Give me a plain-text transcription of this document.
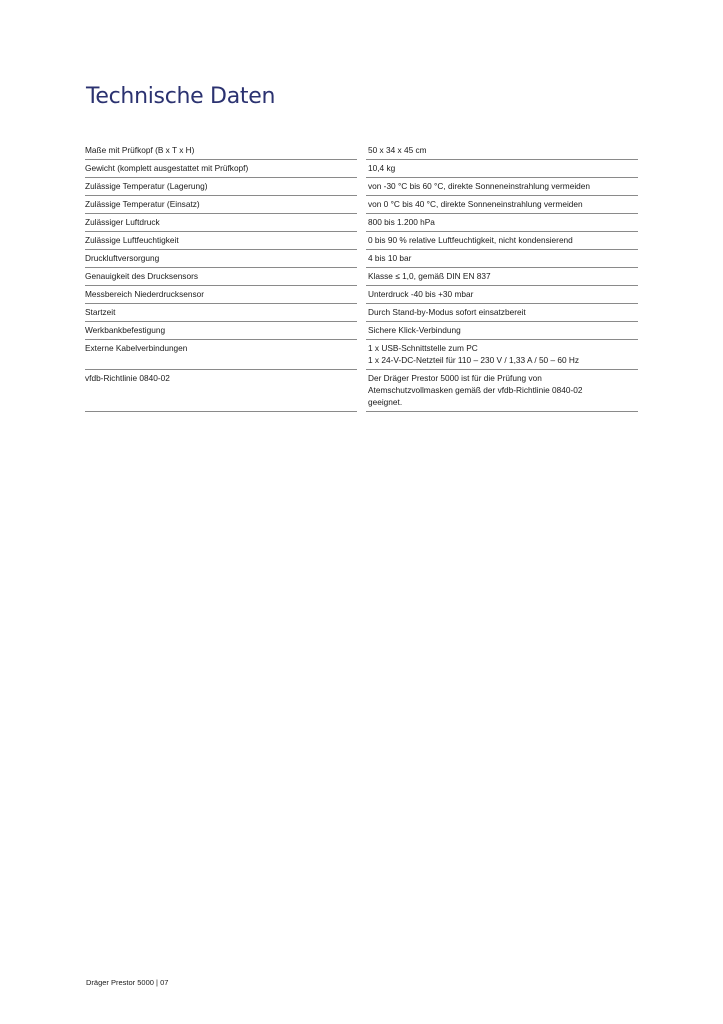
Technische Daten
Maße mit Prüfkopf (B x T x H)	50 x 34 x 45 cm
Gewicht (komplett ausgestattet mit Prüfkopf)	10,4 kg
Zulässige Temperatur (Lagerung)	von -30 °C bis 60 °C, direkte Sonneneinstrahlung vermeiden
Zulässige Temperatur (Einsatz)	von 0 °C bis 40 °C, direkte Sonneneinstrahlung vermeiden
Zulässiger Luftdruck	800 bis 1.200 hPa
Zulässige Luftfeuchtigkeit	0 bis 90 % relative Luftfeuchtigkeit, nicht kondensierend
Druckluftversorgung	4 bis 10 bar
Genauigkeit des Drucksensors	Klasse ≤ 1,0, gemäß DIN EN 837
Messbereich Niederdrucksensor	Unterdruck -40 bis +30 mbar
Startzeit	Durch Stand-by-Modus sofort einsatzbereit
Werkbankbefestigung	Sichere Klick-Verbindung
Externe Kabelverbindungen	1 x USB-Schnittstelle zum PC
1 x 24-V-DC-Netzteil für 110 – 230 V / 1,33 A / 50 – 60 Hz
vfdb-Richtlinie 0840-02	Der Dräger Prestor 5000 ist für die Prüfung von
Atemschutzvollmasken gemäß der vfdb-Richtlinie 0840-02
geeignet.
Dräger Prestor 5000 | 07
